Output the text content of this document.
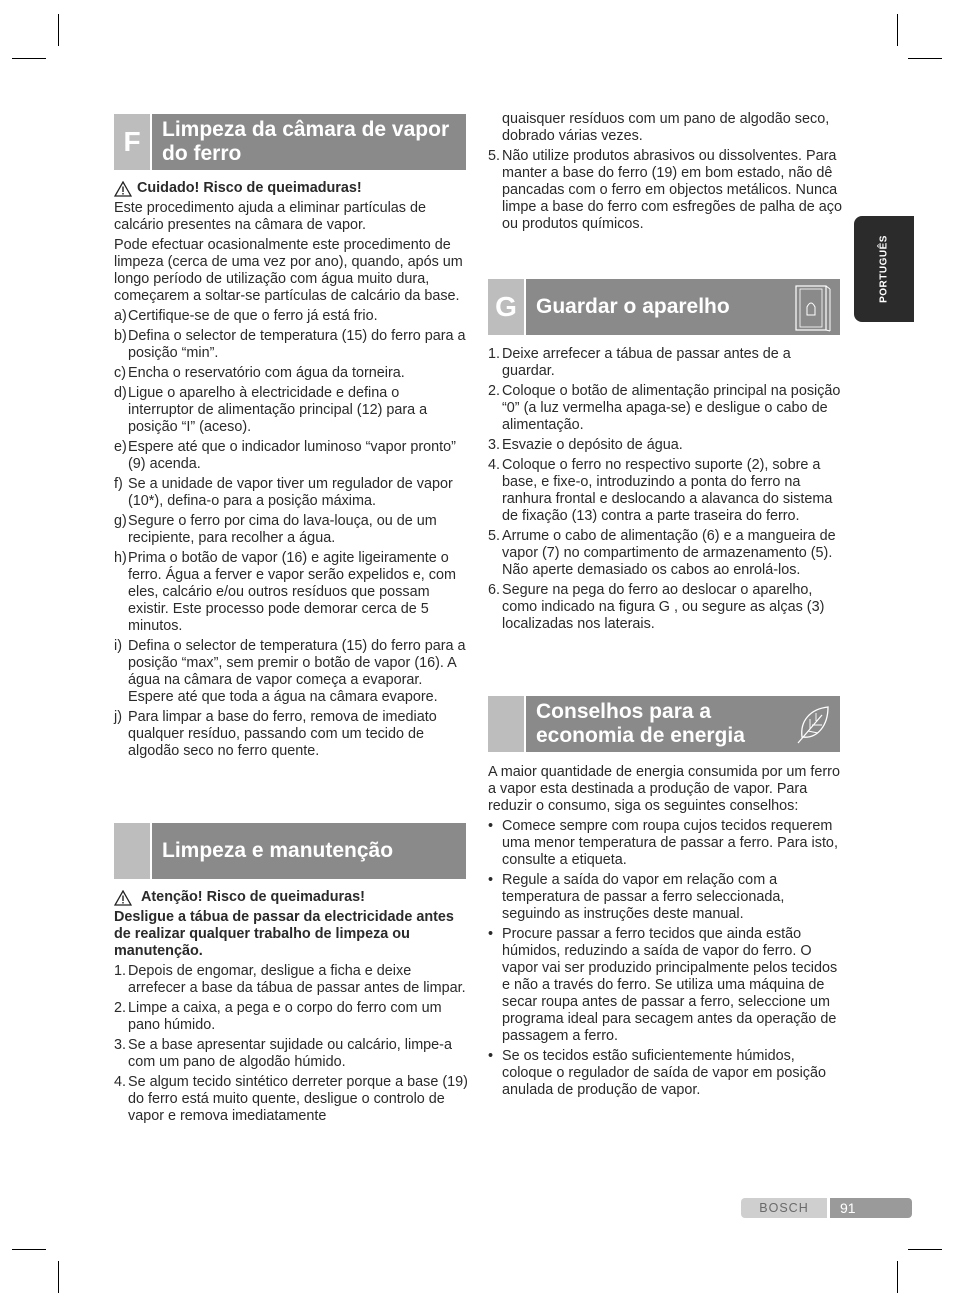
PORTUGUÊS
F	Limpeza da câmara de vapor do ferro
Cuidado! Risco de queimaduras!

Este procedimento ajuda a eliminar partículas de calcário presentes na câmara de vapor.

Pode efectuar ocasionalmente este procedimento de limpeza (cerca de uma vez por ano), quando, após um longo período de utilização com água muito dura, começarem a soltar-se partículas de calcário da base.

a) Certifique-se de que o ferro já está frio.
b) Defina o selector de temperatura (15) do ferro para a posição “min”.
c) Encha o reservatório com água da torneira.
d) Ligue o aparelho à electricidade e defina o interruptor de alimentação principal (12) para a posição “I” (aceso).
e) Espere até que o indicador luminoso “vapor pronto” (9) acenda.
f) Se a unidade de vapor tiver um regulador de vapor (10*), defina-o para a posição máxima.
g) Segure o ferro por cima do lava-louça, ou de um recipiente, para recolher a água.
h) Prima o botão de vapor (16) e agite ligeiramente o ferro. Água a ferver e vapor serão expelidos e, com eles, calcário e/ou outros resíduos que possam existir. Este processo pode demorar cerca de 5 minutos.
i) Defina o selector de temperatura (15) do ferro para a posição “max”, sem premir o botão de vapor (16). A água na câmara de vapor começa a evaporar. Espere até que toda a água na câmara evapore.
j) Para limpar a base do ferro, remova de imediato qualquer resíduo, passando com um tecido de algodão seco no ferro quente.
Limpeza e manutenção
Atenção! Risco de queimaduras!

Desligue a tábua de passar da electricidade antes de realizar qualquer trabalho de limpeza ou manutenção.

1. Depois de engomar, desligue a ficha e deixe arrefecer a base da tábua de passar antes de limpar.
2. Limpe a caixa, a pega e o corpo do ferro com um pano húmido.
3. Se a base apresentar sujidade ou calcário, limpe-a com um pano de algodão húmido.
4. Se algum tecido sintético derreter porque a base (19) do ferro está muito quente, desligue o controlo de vapor e remova imediatamente

quaisquer resíduos com um pano de algodão seco, dobrado várias vezes.

5. Não utilize produtos abrasivos ou dissolventes. Para manter a base do ferro (19) em bom estado, não dê pancadas com o ferro em objectos metálicos. Nunca limpe a base do ferro com esfregões de palha de aço ou produtos químicos.
G Guardar o aparelho
1. Deixe arrefecer a tábua de passar antes de a guardar.
2. Coloque o botão de alimentação principal na posição “0” (a luz vermelha apaga-se) e desligue o cabo de alimentação.
3. Esvazie o depósito de água.
4. Coloque o ferro no respectivo suporte (2), sobre a base, e fixe-o, introduzindo a ponta do ferro na ranhura frontal e deslocando a alavanca do sistema de fixação (13) contra a parte traseira do ferro.
5. Arrume o cabo de alimentação (6) e a mangueira de vapor (7) no compartimento de armazenamento (5). Não aperte demasiado os cabos ao enrolá-los.
6. Segure na pega do ferro ao deslocar o aparelho, como indicado na figura G , ou segure as alças (3) localizadas nos laterais.
Conselhos para a economia de energia

A maior quantidade de energia consumida por um ferro a vapor esta destinada a produção de vapor. Para reduzir o consumo, siga os seguintes conselhos:

• Comece sempre com roupa cujos tecidos requerem uma menor temperatura de passar a ferro. Para isto, consulte a etiqueta.
• Regule a saída do vapor em relação com a temperatura de passar a ferro seleccionada, seguindo as instruções deste manual.
• Procure passar a ferro tecidos que ainda estão húmidos, reduzindo a saída de vapor do ferro. O vapor vai ser produzido principalmente pelos tecidos e não a través do ferro. Se utiliza uma máquina de secar roupa antes de passar a ferro, seleccione um programa ideal para secagem antes da operação de passagem a ferro.
• Se os tecidos estão suficientemente húmidos, coloque o regulador de saída de vapor em posição anulada de produção de vapor.
BOSCH	91
